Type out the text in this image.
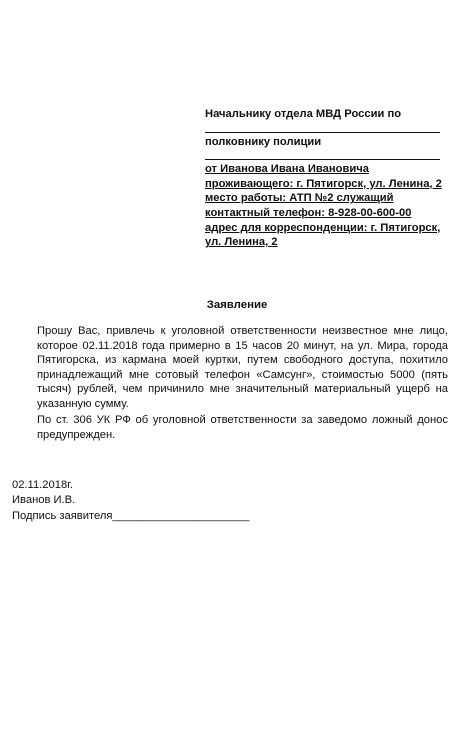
Начальнику отдела МВД России по
полковнику полиции
от Иванова Ивана Ивановича
проживающего: г. Пятигорск, ул. Ленина, 2
место работы: АТП №2 служащий
контактный телефон: 8-928-00-600-00
адрес для корреспонденции: г. Пятигорск,
ул. Ленина, 2
Заявление
Прошу Вас, привлечь к уголовной ответственности неизвестное мне лицо, которое 02.11.2018 года примерно в 15 часов 20 минут, на ул. Мира, города Пятигорска, из кармана моей куртки, путем свободного доступа, похитило принадлежащий мне сотовый телефон «Самсунг», стоимостью 5000 (пять тысяч) рублей, чем причинило мне значительный материальный ущерб на указанную сумму.
По ст. 306 УК РФ об уголовной ответственности за заведомо ложный донос предупрежден.
02.11.2018г.
Иванов И.В.
Подпись заявителя______________________
